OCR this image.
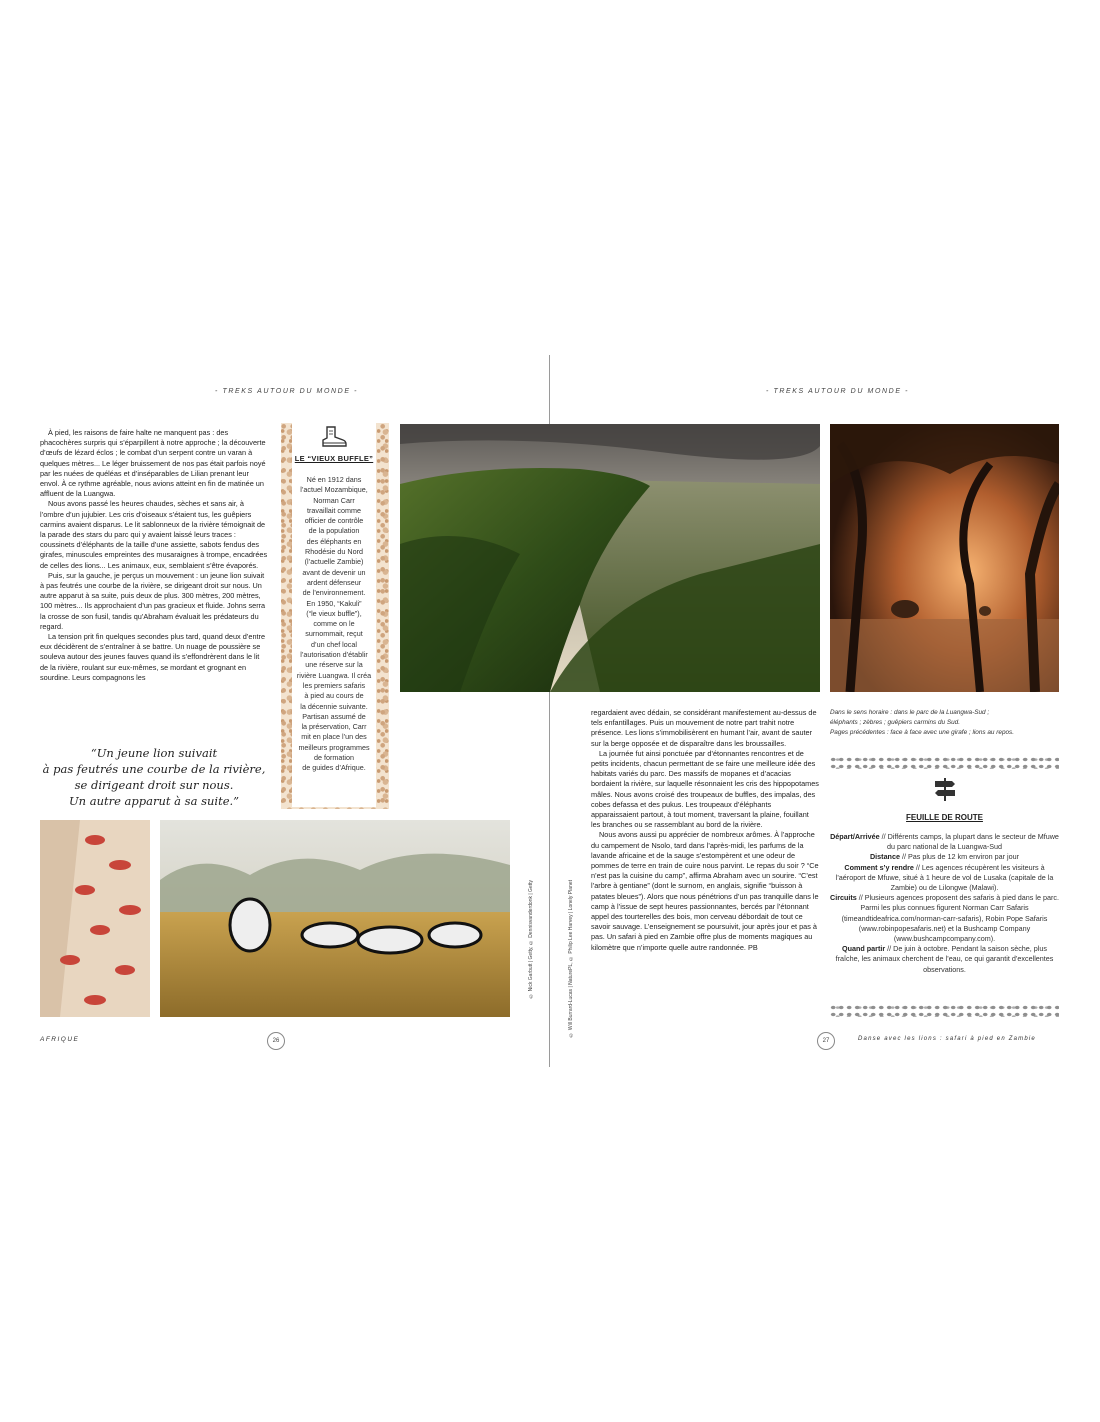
- TREKS AUTOUR DU MONDE -	- TREKS AUTOUR DU MONDE -

À pied, les raisons de faire halte ne manquent pas : des phacochères surpris qui s’éparpillent à notre approche ; la découverte d’œufs de lézard éclos ; le combat d’un serpent contre un varan à quelques mètres... Le léger bruissement de nos pas était parfois noyé par les nuées de quéléas et d’inséparables de Lilian prenant leur envol. À ce rythme agréable, nous avions atteint en fin de matinée un affluent de la Luangwa.

Nous avons passé les heures chaudes, sèches et sans air, à l’ombre d’un jujubier. Les cris d’oiseaux s’étaient tus, les guêpiers carmins avaient disparus. Le lit sablonneux de la rivière témoignait de la parade des stars du parc qui y avaient laissé leurs traces : coussinets d’éléphants de la taille d’une assiette, sabots fendus des girafes, minuscules empreintes des musaraignes à trompe, encadrées de celles des lions... Les animaux, eux, semblaient s’être évaporés.

Puis, sur la gauche, je perçus un mouvement : un jeune lion suivait à pas feutrés une courbe de la rivière, se dirigeant droit sur nous. Un autre apparut à sa suite, puis deux de plus. 300 mètres, 200 mètres, 100 mètres... Ils approchaient d’un pas gracieux et fluide. Johns serra la crosse de son fusil, tandis qu’Abraham évaluait les prédateurs du regard.

La tension prit fin quelques secondes plus tard, quand deux d’entre eux décidèrent de s’entraîner à se battre. Un nuage de poussière se souleva autour des jeunes fauves quand ils s’effondrèrent dans le lit de la rivière, roulant sur eux-mêmes, se mordant et grognant en sourdine. Leurs compagnons les

“Un jeune lion suivait
à pas feutrés une courbe de la rivière,
se dirigeant droit sur nous.
Un autre apparut à sa suite.”
LE “VIEUX BUFFLE”
Né en 1912 dans
l’actuel Mozambique,
Norman Carr
travaillait comme
officier de contrôle
de la population
des éléphants en
Rhodésie du Nord
(l’actuelle Zambie)
avant de devenir un
ardent défenseur
de l’environnement.
En 1950, “Kakuli”
(“le vieux buffle”),
comme on le
surnommait, reçut
d’un chef local
l’autorisation d’établir
une réserve sur la
rivière Luangwa. Il créa
les premiers safaris
à pied au cours de
la décennie suivante.
Partisan assumé de
la préservation, Carr
mit en place l’un des
meilleurs programmes
de formation
de guides d’Afrique.
© Nick Garbutt | Getty, © Dennisvanderdonk | Getty	© Will Burrard-Lucas | NaturePL, © Philip Lee Harvey | Lonely Planet

regardaient avec dédain, se considérant manifestement au-dessus de tels enfantillages. Puis un mouvement de notre part trahit notre présence. Les lions s’immobilisèrent en humant l’air, avant de sauter sur la berge opposée et de disparaître dans les broussailles.

La journée fut ainsi ponctuée par d’étonnantes rencontres et de petits incidents, chacun permettant de se faire une meilleure idée des habitats variés du parc. Des massifs de mopanes et d’acacias bordaient la rivière, sur laquelle résonnaient les cris des hippopotames mâles. Nous avons croisé des troupeaux de buffles, des impalas, des cobes defassa et des pukus. Les troupeaux d’éléphants apparaissaient partout, à tout moment, traversant la plaine, fouillant les branches ou se rassemblant au bord de la rivière.

Nous avons aussi pu apprécier de nombreux arômes. À l’approche du campement de Nsolo, tard dans l’après-midi, les parfums de la lavande africaine et de la sauge s’estompèrent et une odeur de pommes de terre en train de cuire nous parvint. Le repas du soir ? “Ce n’est pas la cuisine du camp”, affirma Abraham avec un sourire. “C’est l’arbre à gentiane” (dont le surnom, en anglais, signifie “buisson à patates bleues”). Alors que nous pénétrions d’un pas tranquille dans le camp à l’issue de sept heures passionnantes, bercés par l’étonnant appel des tourterelles des bois, mon cerveau débordait de tout ce savoir sauvage. L’enseignement se poursuivit, jour après jour et pas à pas. Un safari à pied en Zambie offre plus de moments magiques au kilomètre que n’importe quelle autre randonnée. PB

Dans le sens horaire : dans le parc de la Luangwa-Sud ;
éléphants ; zèbres ; guêpiers carmins du Sud.
Pages précédentes : face à face avec une girafe ; lions au repos.
FEUILLE DE ROUTE
Départ/Arrivée // Différents camps, la plupart dans le secteur de Mfuwe du parc national de la Luangwa-Sud
Distance // Pas plus de 12 km environ par jour
Comment s’y rendre // Les agences récupèrent les visiteurs à l’aéroport de Mfuwe, situé à 1 heure de vol de Lusaka (capitale de la Zambie) ou de Lilongwe (Malawi).
Circuits // Plusieurs agences proposent des safaris à pied dans le parc. Parmi les plus connues figurent Norman Carr Safaris (timeandtideafrica.com/norman-carr-safaris), Robin Pope Safaris (www.robinpopesafaris.net) et la Bushcamp Company (www.bushcampcompany.com).
Quand partir // De juin à octobre. Pendant la saison sèche, plus fraîche, les animaux cherchent de l’eau, ce qui garantit d’excellentes observations.
AFRIQUE	26	27	Danse avec les lions : safari à pied en Zambie
